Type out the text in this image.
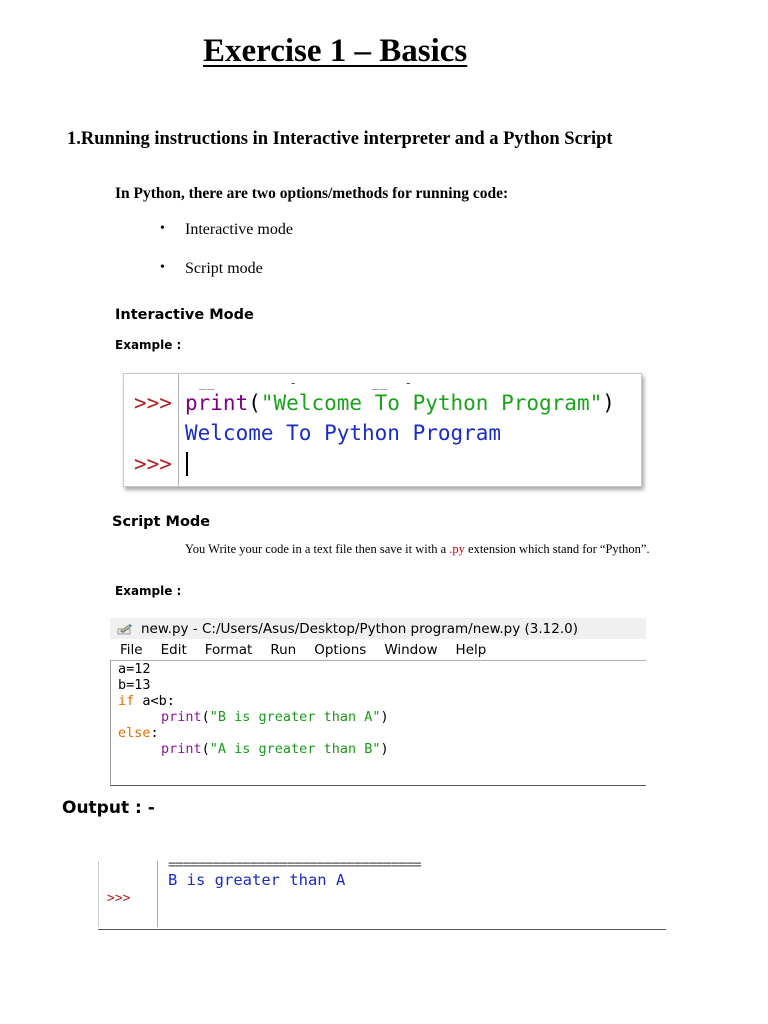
Exercise 1 – Basics
1.Running instructions in Interactive interpreter and a Python Script
In Python, there are two options/methods for running code:
•	Interactive mode
•	Script mode
Interactive Mode
Example :
__         -         __  -
>>> print("Welcome To Python Program")
Welcome To Python Program
>>>
Script Mode
You Write your code in a text file then save it with a .py extension which stand for “Python”.
Example :
new.py - C:/Users/Asus/Desktop/Python program/new.py (3.12.0)
File Edit Format Run Options Window Help
a=12
b=13
if a<b:
print("B is greater than A")
else:
print("A is greater than B")
Output : -
>>>
==================================
B is greater than A
